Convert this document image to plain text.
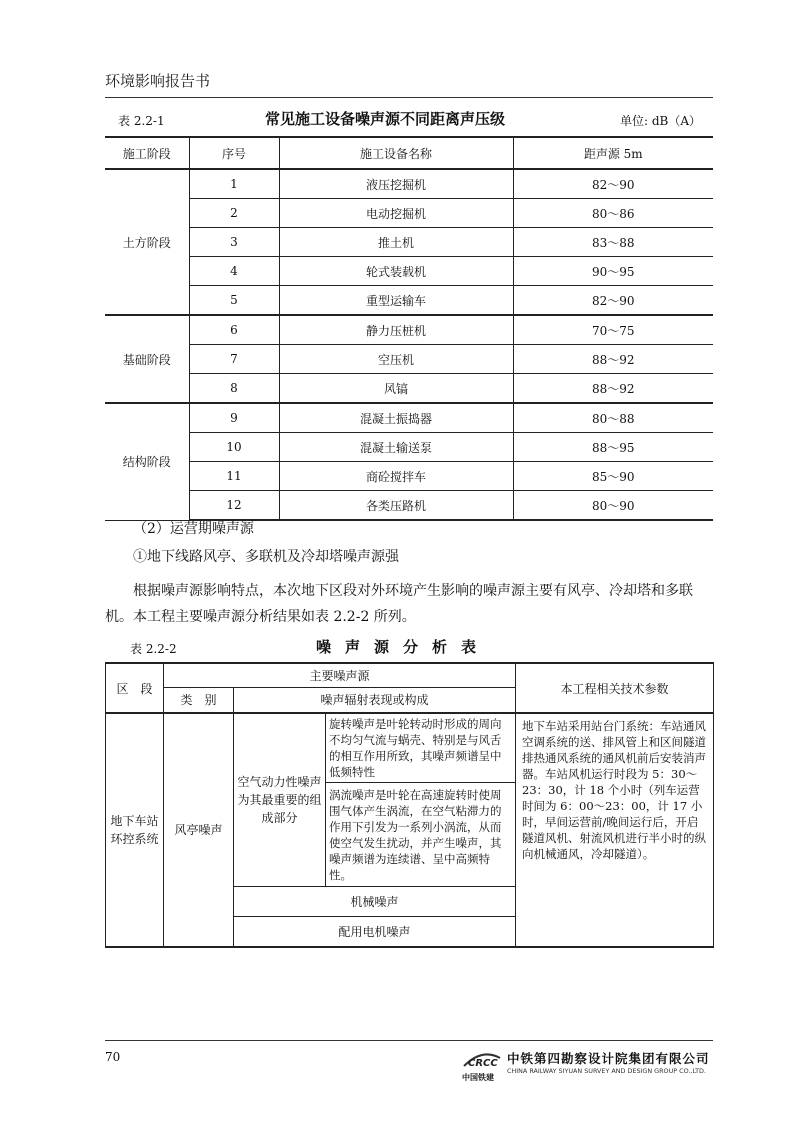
环境影响报告书
表 2.2-1	常见施工设备噪声源不同距离声压级	单位: dB（A）
施工阶段	序号	施工设备名称	距声源 5m
土方阶段	1	液压挖掘机	82～90
	2	电动挖掘机	80～86
	3	推土机	83～88
	4	轮式装载机	90～95
	5	重型运输车	82～90
基础阶段	6	静力压桩机	70～75
	7	空压机	88～92
	8	风镐	88～92
结构阶段	9	混凝土振捣器	80～88
	10	混凝土输送泵	88～95
	11	商砼搅拌车	85～90
	12	各类压路机	80～90
（2）运营期噪声源
①地下线路风亭、多联机及冷却塔噪声源强
根据噪声源影响特点，本次地下区段对外环境产生影响的噪声源主要有风亭、冷却塔和多联机。本工程主要噪声源分析结果如表 2.2-2 所列。
表 2.2-2	噪声源分析表
区　段	主要噪声源			本工程相关技术参数
	类　别	噪声辐射表现或构成		
地下车站环控系统	风亭噪声	空气动力性噪声为其最重要的组成部分	旋转噪声是叶轮转动时形成的周向不均匀气流与蜗壳、特别是与风舌的相互作用所致，其噪声频谱呈中低频特性	地下车站采用站台门系统：车站通风空调系统的送、排风管上和区间隧道排热通风系统的通风机前后安装消声器。车站风机运行时段为 5：30～23：30，计 18 个小时（列车运营时间为 6：00～23：00，计 17 小时，早间运营前/晚间运行后，开启隧道风机、射流风机进行半小时的纵向机械通风，冷却隧道）。
			涡流噪声是叶轮在高速旋转时使周围气体产生涡流，在空气粘滞力的作用下引发为一系列小涡流，从而使空气发生扰动，并产生噪声，其噪声频谱为连续谱、呈中高频特性。	
		机械噪声		
		配用电机噪声		
70	CRCC
中国铁建
中铁第四勘察设计院集团有限公司
CHINA RAILWAY SIYUAN SURVEY AND DESIGN GROUP CO.,LTD.
